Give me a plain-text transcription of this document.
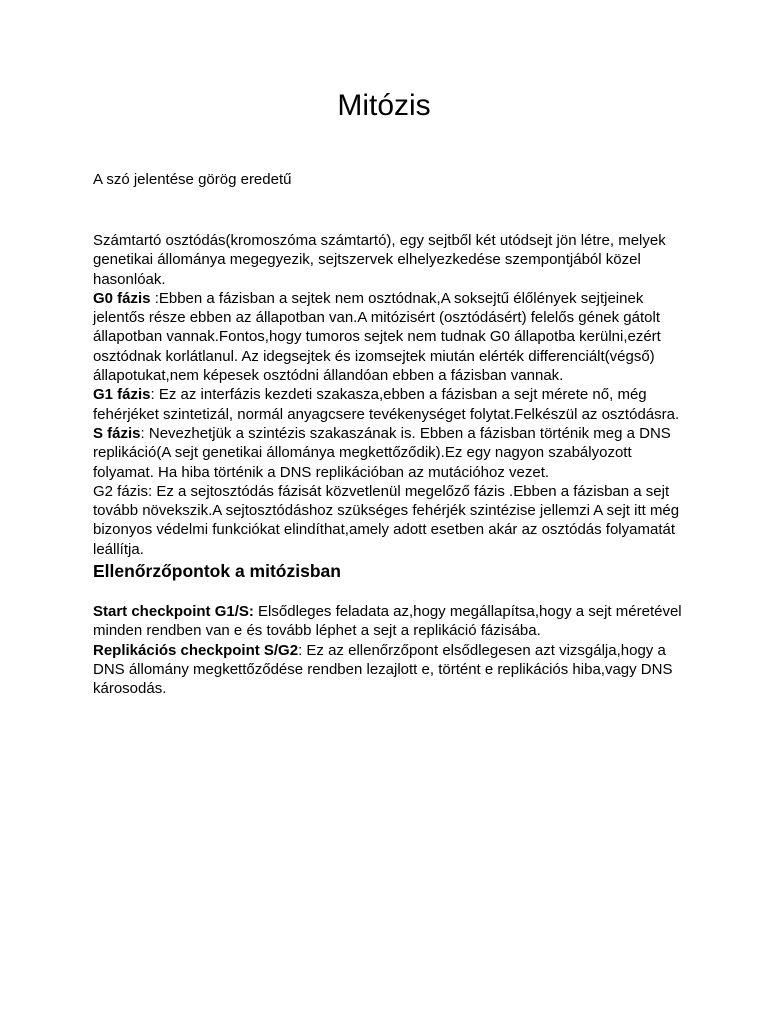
Mitózis

A szó jelentése görög eredetű

Számtartó osztódás(kromoszóma számtartó), egy sejtből két utódsejt jön létre, melyek genetikai állománya megegyezik, sejtszervek elhelyezkedése szempontjából közel hasonlóak.

G0 fázis :Ebben a fázisban a sejtek nem osztódnak,A soksejtű élőlények sejtjeinek jelentős része ebben az állapotban van.A mitózisért (osztódásért) felelős gének gátolt állapotban vannak.Fontos,hogy tumoros sejtek nem tudnak G0 állapotba kerülni,ezért osztódnak korlátlanul. Az idegsejtek és izomsejtek miután elérték differenciált(végső) állapotukat,nem képesek osztódni állandóan ebben a fázisban vannak.

G1 fázis: Ez az interfázis kezdeti szakasza,ebben a fázisban a sejt mérete nő, még fehérjéket szintetizál, normál anyagcsere tevékenységet folytat.Felkészül az osztódásra.

S fázis: Nevezhetjük a szintézis szakaszának is. Ebben a fázisban történik meg a DNS replikáció(A sejt genetikai állománya megkettőződik).Ez egy nagyon szabályozott folyamat. Ha hiba történik a DNS replikációban az mutációhoz vezet.

G2 fázis: Ez a sejtosztódás fázisát közvetlenül megelőző fázis .Ebben a fázisban a sejt tovább növekszik.A sejtosztódáshoz szükséges fehérjék szintézise jellemzi A sejt itt még bizonyos védelmi funkciókat elindíthat,amely adott esetben akár az osztódás folyamatát leállítja.

Ellenőrzőpontok a mitózisban

Start checkpoint G1/S: Elsődleges feladata az,hogy megállapítsa,hogy a sejt méretével minden rendben van e és tovább léphet a sejt a replikáció fázisába.

Replikációs checkpoint S/G2: Ez az ellenőrzőpont elsődlegesen azt vizsgálja,hogy a DNS állomány megkettőződése rendben lezajlott e, történt e replikációs hiba,vagy DNS károsodás.
